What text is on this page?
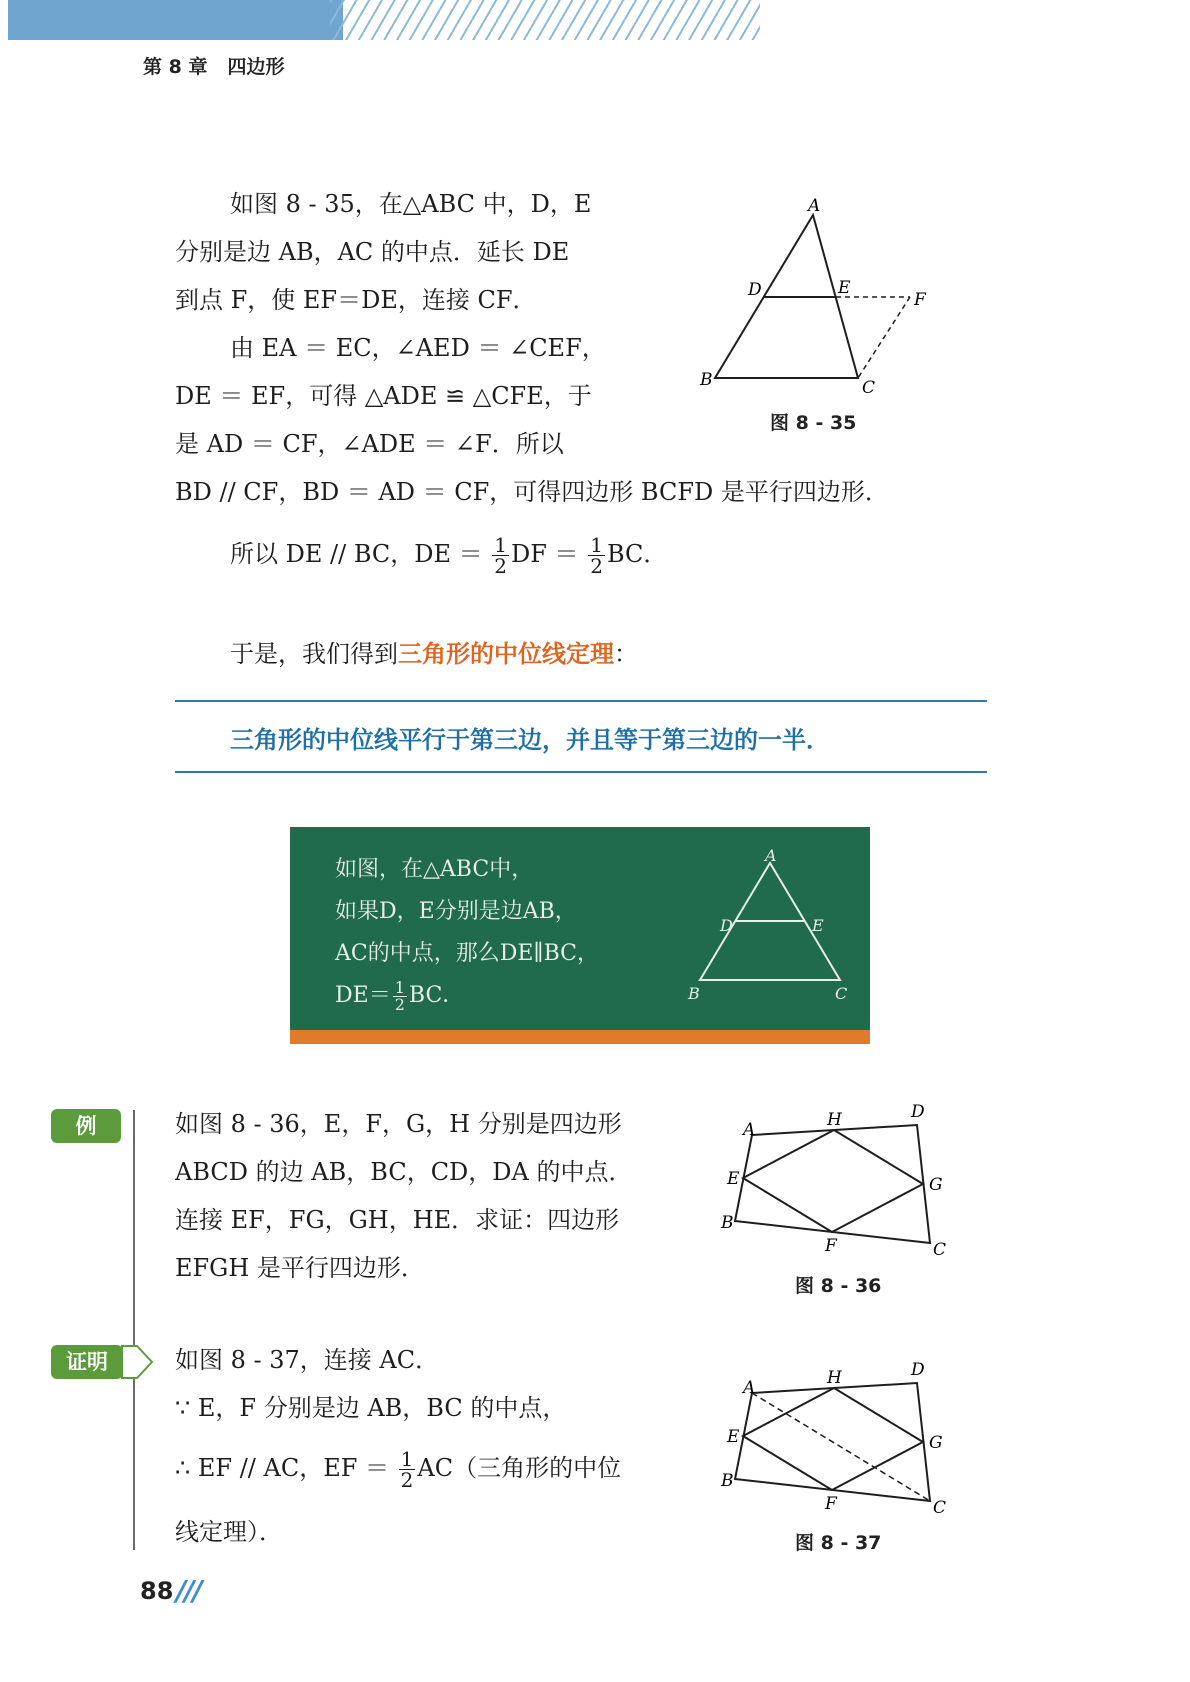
第 8 章 四边形
如图 8 - 35，在△ABC 中，D，E
分别是边 AB，AC 的中点．延长 DE
到点 F，使 EF＝DE，连接 CF．
由 EA ＝ EC，∠AED ＝ ∠CEF，
DE ＝ EF，可得 △ADE ≌ △CFE，于
是 AD ＝ CF，∠ADE ＝ ∠F．所以
BD // CF，BD ＝ AD ＝ CF，可得四边形 BCFD 是平行四边形．
所以 DE // BC，DE ＝ $\frac{1}{2}$ DF ＝ $\frac{1}{2}$ BC．
A
D	E
F
B	C
图 8 - 35
于是，我们得到三角形的中位线定理：
三角形的中位线平行于第三边，并且等于第三边的一半．
如图，在△ABC中，
如果D，E分别是边AB，
AC的中点，那么DE∥BC，
$DE= \frac{1}{2}$ BC．
A
D	E
B	C
例	如图 8 - 36，E，F，G，H 分别是四边形
ABCD 的边 AB，BC，CD，DA 的中点．
连接 EF，FG，GH，HE．求证：四边形
EFGH 是平行四边形．
A	H	D
E	G
B
F	C
图 8 - 36
证明	如图 8 - 37，连接 AC．
∵ E，F 分别是边 AB，BC 的中点，
∴ EF // AC，EF ＝ $\frac{1}{2} AC$（三角形的中位
线定理）．
A	H	D
E	G
B
F	C
图 8 - 37
88 ///
